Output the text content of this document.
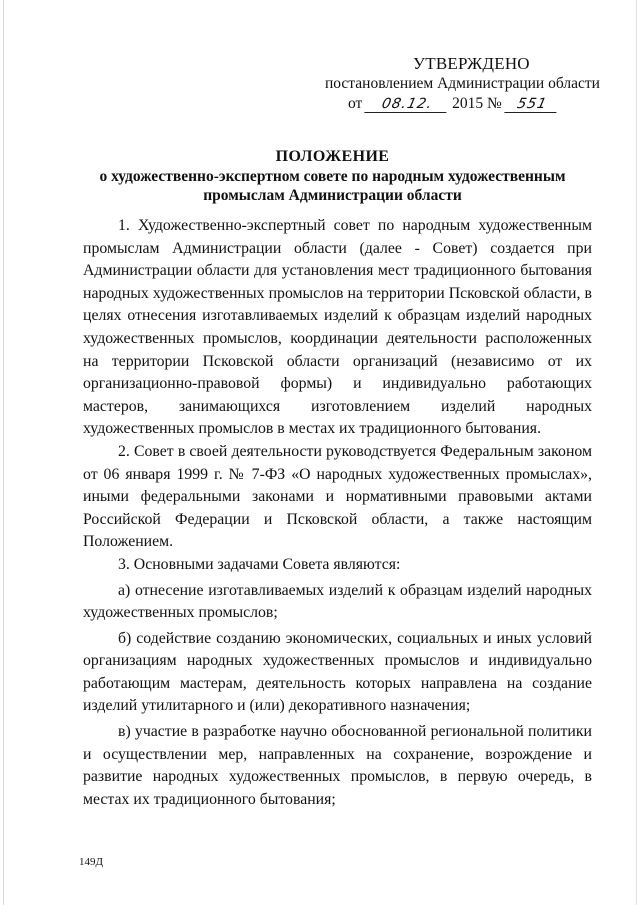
УТВЕРЖДЕНО
постановлением Администрации области
от 08.12. 2015 № 551
ПОЛОЖЕНИЕ
о художественно-экспертном совете по народным художественным
промыслам Администрации области

1. Художественно-экспертный совет по народным художественным промыслам Администрации области (далее - Совет) создается при Администрации области для установления мест традиционного бытования народных художественных промыслов на территории Псковской области, в целях отнесения изготавливаемых изделий к образцам изделий народных художественных промыслов, координации деятельности расположенных на территории Псковской области организаций (независимо от их организационно-правовой формы) и индивидуально работающих мастеров, занимающихся изготовлением изделий народных художественных промыслов в местах их традиционного бытования.

2. Совет в своей деятельности руководствуется Федеральным законом от 06 января 1999 г. № 7-ФЗ «О народных художественных промыслах», иными федеральными законами и нормативными правовыми актами Российской Федерации и Псковской области, а также настоящим Положением.

3. Основными задачами Совета являются:

а) отнесение изготавливаемых изделий к образцам изделий народных художественных промыслов;

б) содействие созданию экономических, социальных и иных условий организациям народных художественных промыслов и индивидуально работающим мастерам, деятельность которых направлена на создание изделий утилитарного и (или) декоративного назначения;

в) участие в разработке научно обоснованной региональной политики и осуществлении мер, направленных на сохранение, возрождение и развитие народных художественных промыслов, в первую очередь, в местах их традиционного бытования;

149Д
